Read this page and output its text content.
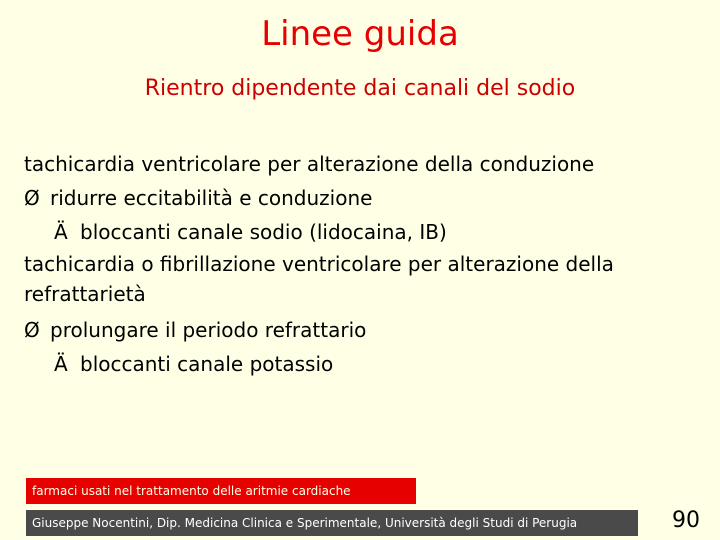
Linee guida
Rientro dipendente dai canali del sodio
tachicardia ventricolare per alterazione della conduzione
Ø ridurre eccitabilità e conduzione
Ä bloccanti canale sodio (lidocaina, IB)
tachicardia o fibrillazione ventricolare per alterazione della refrattarietà
Ø prolungare il periodo refrattario
Ä bloccanti canale potassio
farmaci usati nel trattamento delle aritmie cardiache
Giuseppe Nocentini, Dip. Medicina Clinica e Sperimentale, Università degli Studi di Perugia	90
